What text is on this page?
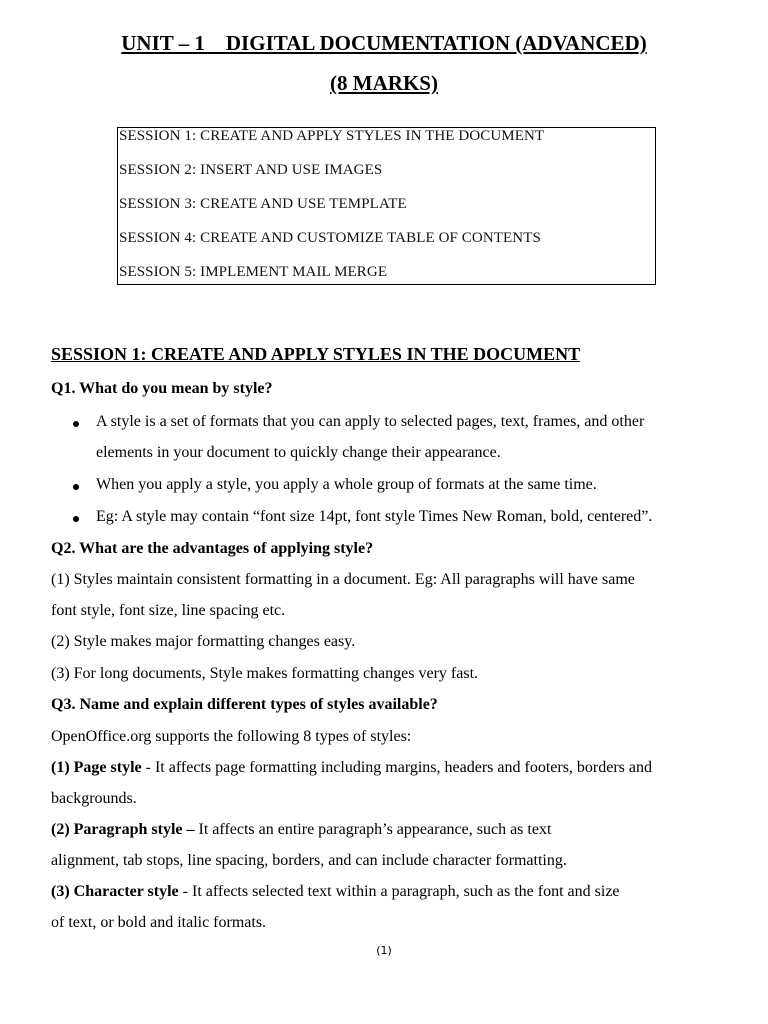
UNIT – 1    DIGITAL DOCUMENTATION (ADVANCED)
(8 MARKS)
SESSION 1: CREATE AND APPLY STYLES IN THE DOCUMENT
SESSION 2: INSERT AND USE IMAGES
SESSION 3: CREATE AND USE TEMPLATE
SESSION 4: CREATE AND CUSTOMIZE TABLE OF CONTENTS
SESSION 5: IMPLEMENT MAIL MERGE
SESSION 1: CREATE AND APPLY STYLES IN THE DOCUMENT
Q1. What do you mean by style?
A style is a set of formats that you can apply to selected pages, text, frames, and other
elements in your document to quickly change their appearance.
When you apply a style, you apply a whole group of formats at the same time.
Eg: A style may contain “font size 14pt, font style Times New Roman, bold, centered”.
Q2. What are the advantages of applying style?
(1) Styles maintain consistent formatting in a document. Eg: All paragraphs will have same
font style, font size, line spacing etc.
(2) Style makes major formatting changes easy.
(3) For long documents, Style makes formatting changes very fast.
Q3. Name and explain different types of styles available?
OpenOffice.org supports the following 8 types of styles:
(1) Page style - It affects page formatting including margins, headers and footers, borders and
backgrounds.
(2) Paragraph style – It affects an entire paragraph’s appearance, such as text
alignment, tab stops, line spacing, borders, and can include character formatting.
(3) Character style - It affects selected text within a paragraph, such as the font and size
of text, or bold and italic formats.
(1)
